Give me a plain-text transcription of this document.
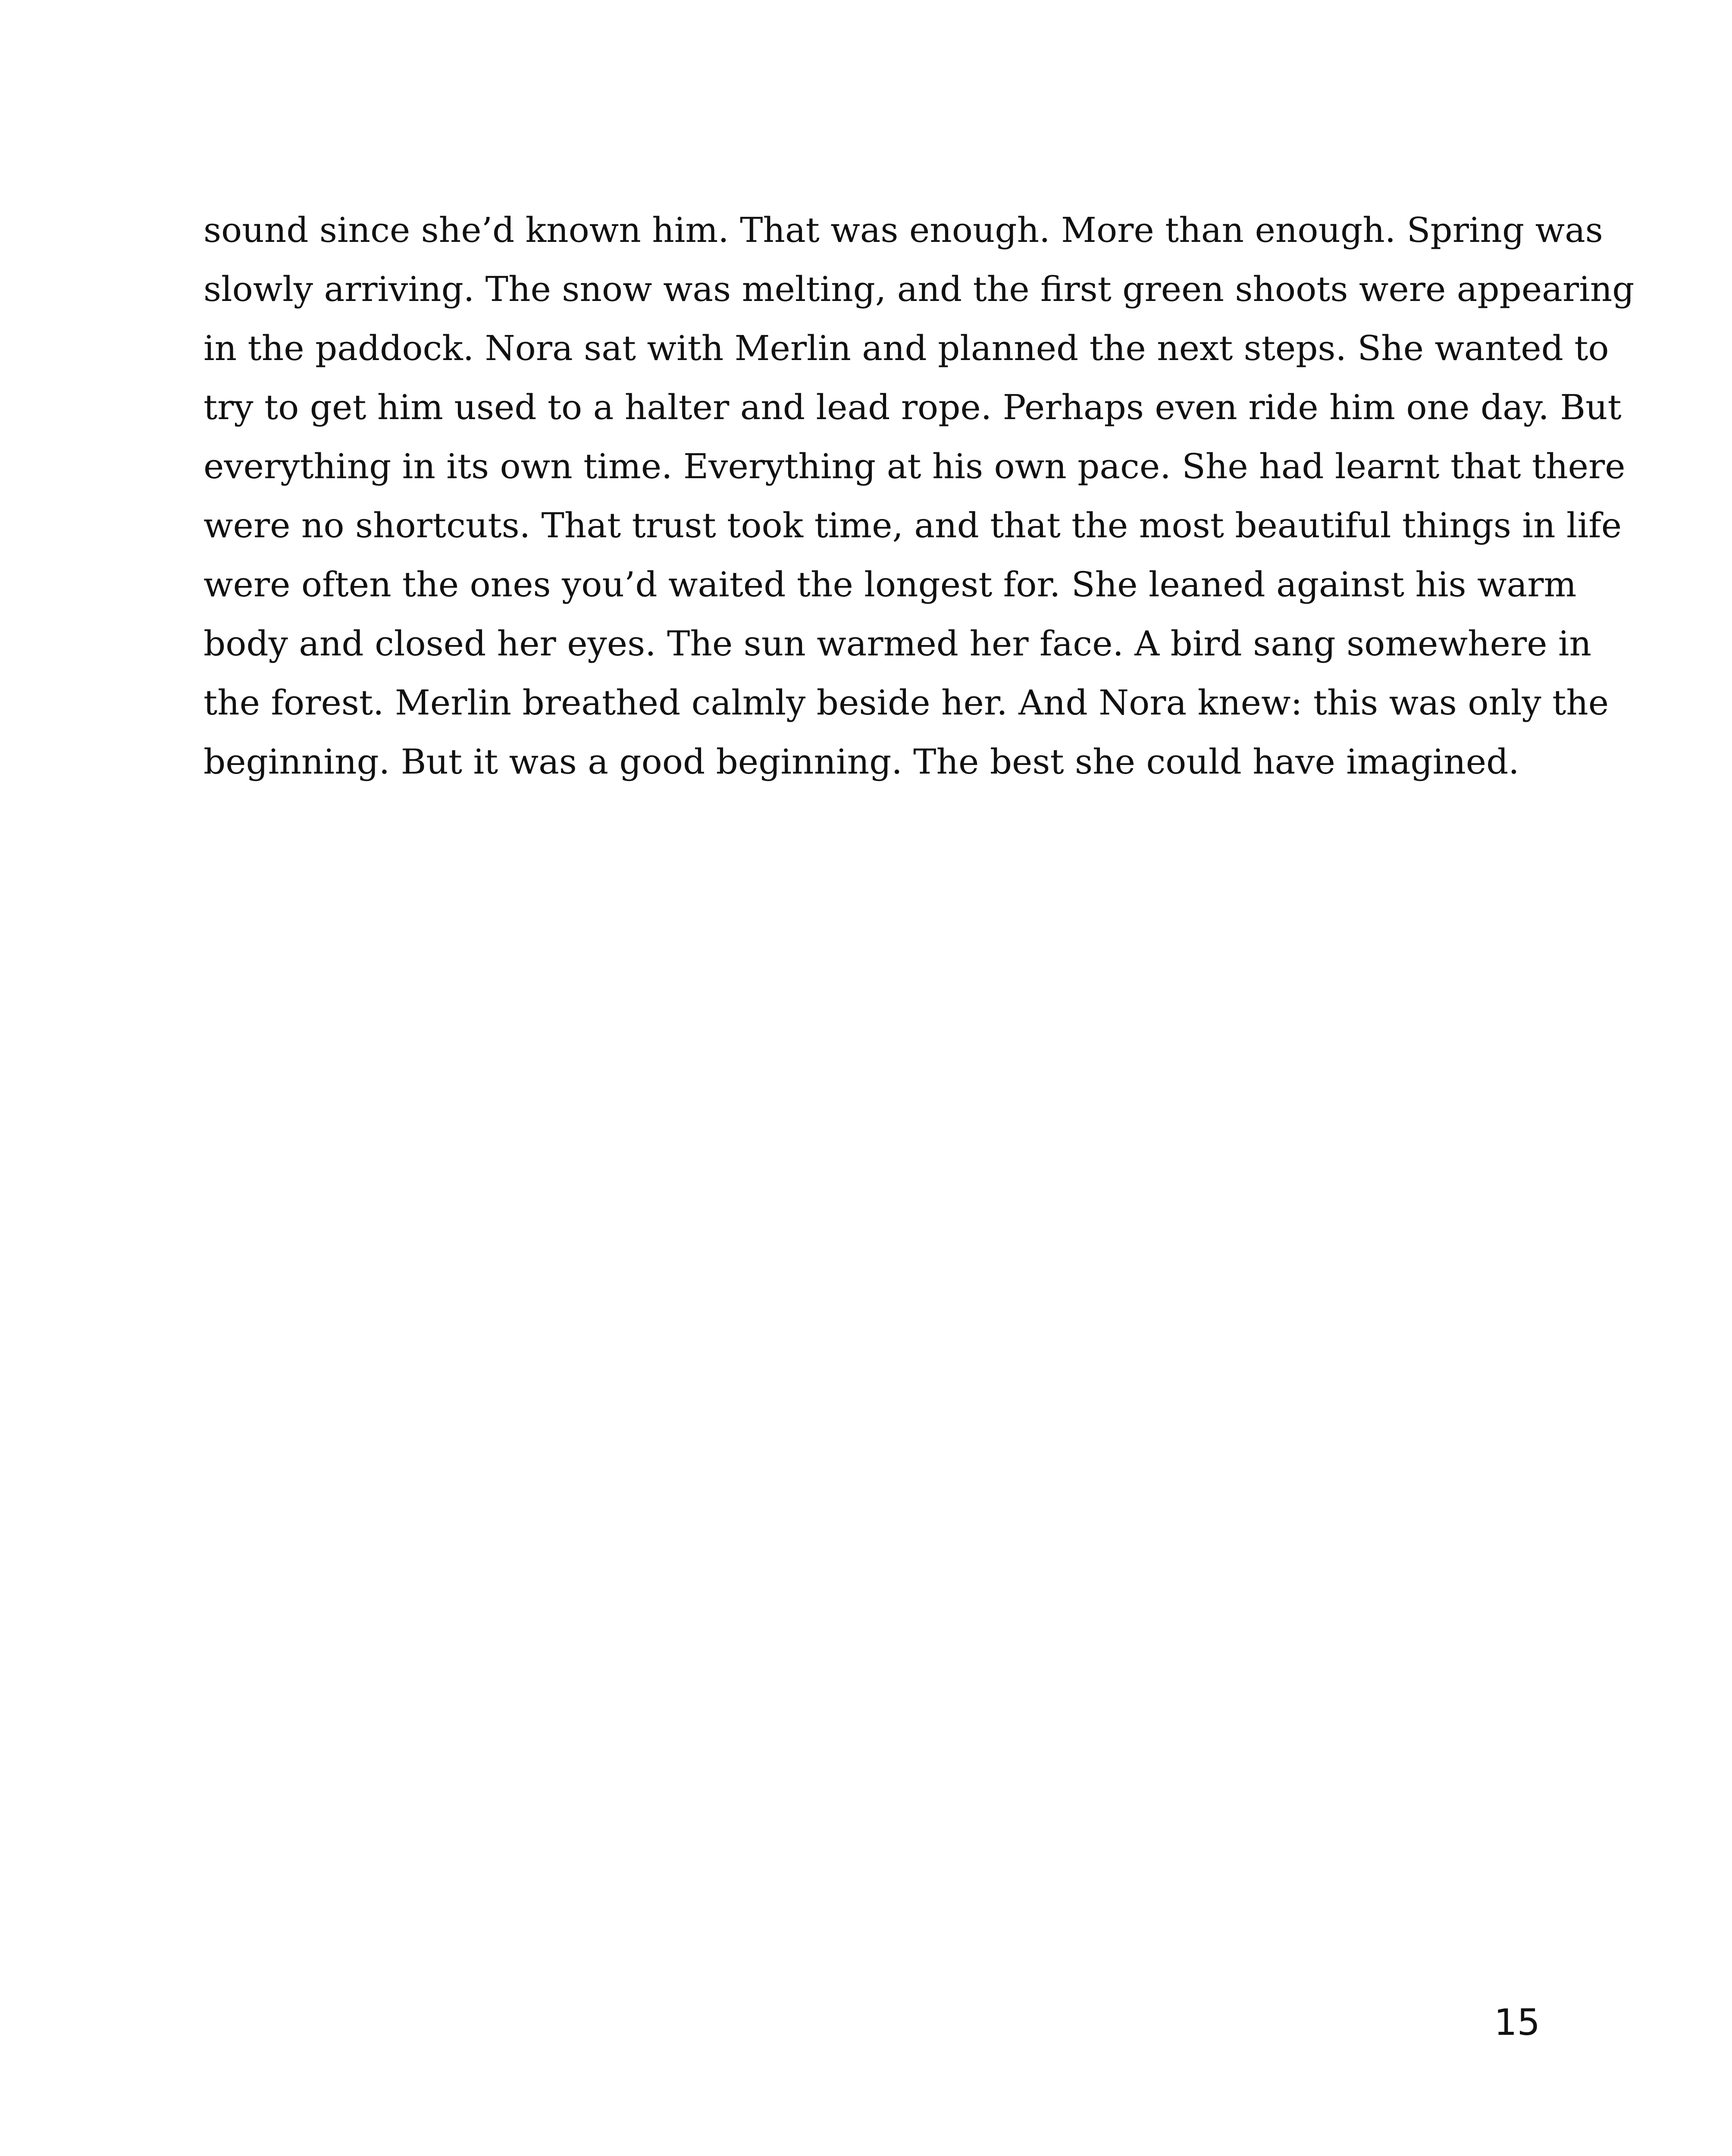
sound since she’d known him. That was enough. More than enough. Spring was
slowly arriving. The snow was melting, and the first green shoots were appearing
in the paddock. Nora sat with Merlin and planned the next steps. She wanted to
try to get him used to a halter and lead rope. Perhaps even ride him one day. But
everything in its own time. Everything at his own pace. She had learnt that there
were no shortcuts. That trust took time, and that the most beautiful things in life
were often the ones you’d waited the longest for. She leaned against his warm
body and closed her eyes. The sun warmed her face. A bird sang somewhere in
the forest. Merlin breathed calmly beside her. And Nora knew: this was only the
beginning. But it was a good beginning. The best she could have imagined.
15
